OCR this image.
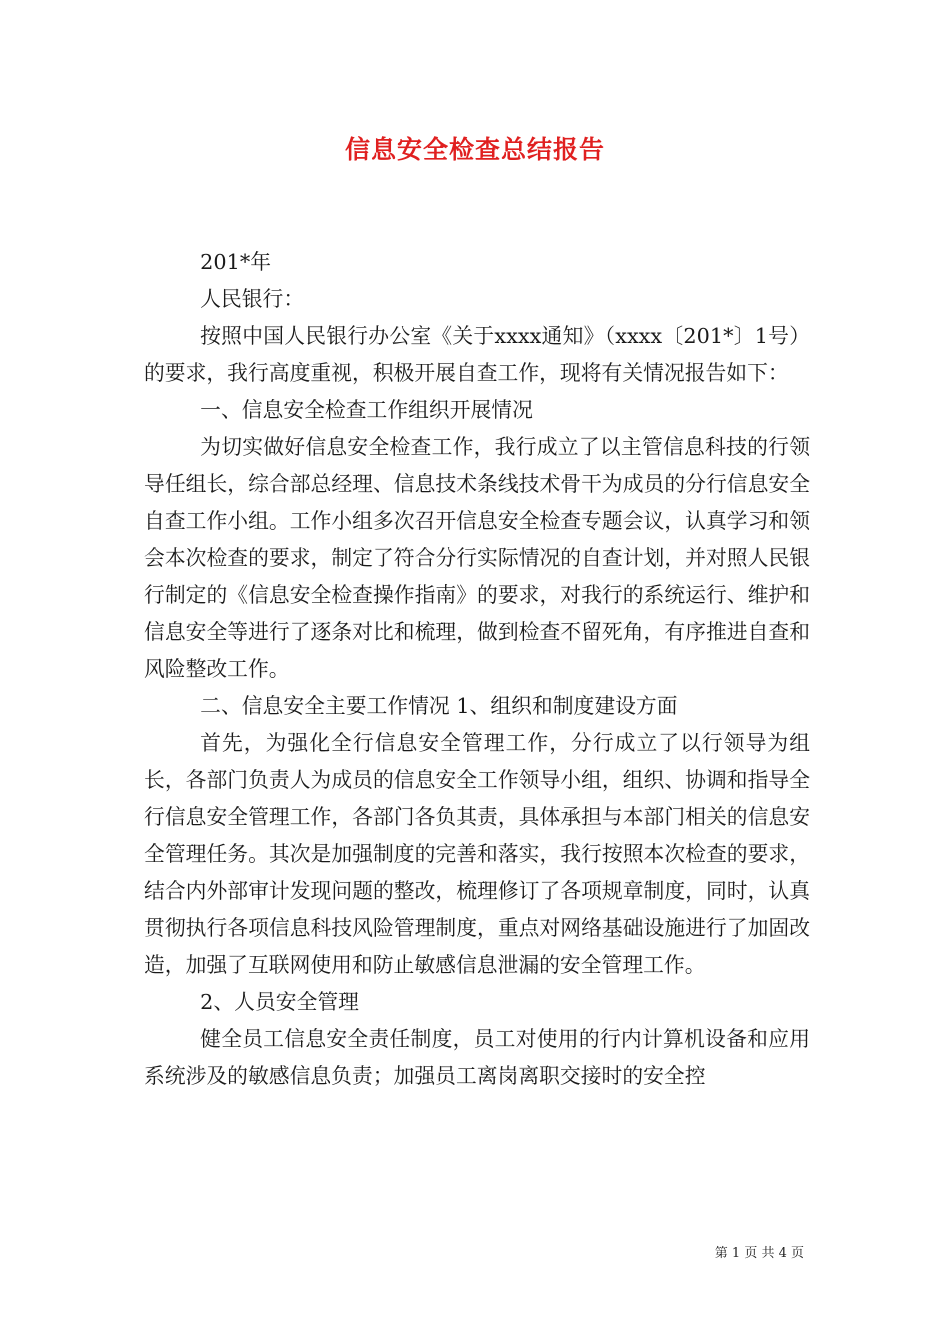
信息安全检查总结报告

201*年

人民银行：

按照中国人民银行办公室《关于xxxx通知》（xxxx〔201*〕1号）的要求，我行高度重视，积极开展自查工作，现将有关情况报告如下：

一、信息安全检查工作组织开展情况

为切实做好信息安全检查工作，我行成立了以主管信息科技的行领导任组长，综合部总经理、信息技术条线技术骨干为成员的分行信息安全自查工作小组。工作小组多次召开信息安全检查专题会议，认真学习和领会本次检查的要求，制定了符合分行实际情况的自查计划，并对照人民银行制定的《信息安全检查操作指南》的要求，对我行的系统运行、维护和信息安全等进行了逐条对比和梳理，做到检查不留死角，有序推进自查和风险整改工作。

二、信息安全主要工作情况 1、组织和制度建设方面

首先，为强化全行信息安全管理工作，分行成立了以行领导为组长，各部门负责人为成员的信息安全工作领导小组，组织、协调和指导全行信息安全管理工作，各部门各负其责，具体承担与本部门相关的信息安全管理任务。其次是加强制度的完善和落实，我行按照本次检查的要求，结合内外部审计发现问题的整改，梳理修订了各项规章制度，同时，认真贯彻执行各项信息科技风险管理制度，重点对网络基础设施进行了加固改造，加强了互联网使用和防止敏感信息泄漏的安全管理工作。

2、人员安全管理

健全员工信息安全责任制度，员工对使用的行内计算机设备和应用系统涉及的敏感信息负责；加强员工离岗离职交接时的安全控

第 1 页 共 4 页
